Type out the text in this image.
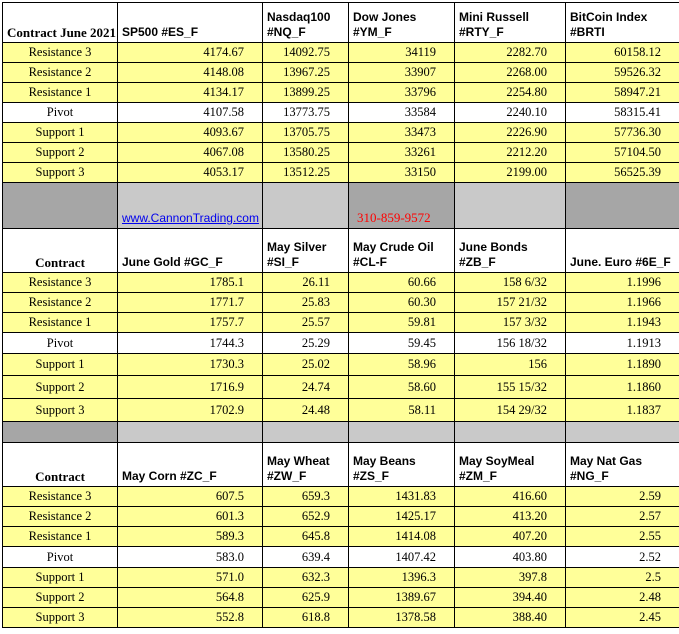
Contract June 2021	SP500 #ES_F	Nasdaq100 #NQ_F	Dow Jones #YM_F	Mini Russell #RTY_F	BitCoin Index #BRTI
Resistance 3	4174.67	14092.75	34119	2282.70	60158.12
Resistance 2	4148.08	13967.25	33907	2268.00	59526.32
Resistance 1	4134.17	13899.25	33796	2254.80	58947.21
Pivot	4107.58	13773.75	33584	2240.10	58315.41
Support 1	4093.67	13705.75	33473	2226.90	57736.30
Support 2	4067.08	13580.25	33261	2212.20	57104.50
Support 3	4053.17	13512.25	33150	2199.00	56525.39
	www.CannonTrading.com		310-859-9572		
Contract	June Gold #GC_F	May Silver #SI_F	May Crude Oil #CL-F	June Bonds #ZB_F	June. Euro #6E_F
Resistance 3	1785.1	26.11	60.66	158 6/32	1.1996
Resistance 2	1771.7	25.83	60.30	157 21/32	1.1966
Resistance 1	1757.7	25.57	59.81	157 3/32	1.1943
Pivot	1744.3	25.29	59.45	156 18/32	1.1913
Support 1	1730.3	25.02	58.96	156	1.1890
Support 2	1716.9	24.74	58.60	155 15/32	1.1860
Support 3	1702.9	24.48	58.11	154 29/32	1.1837

Contract	May Corn #ZC_F	May Wheat #ZW_F	May Beans #ZS_F	May SoyMeal #ZM_F	May Nat Gas #NG_F
Resistance 3	607.5	659.3	1431.83	416.60	2.59
Resistance 2	601.3	652.9	1425.17	413.20	2.57
Resistance 1	589.3	645.8	1414.08	407.20	2.55
Pivot	583.0	639.4	1407.42	403.80	2.52
Support 1	571.0	632.3	1396.3	397.8	2.5
Support 2	564.8	625.9	1389.67	394.40	2.48
Support 3	552.8	618.8	1378.58	388.40	2.45
